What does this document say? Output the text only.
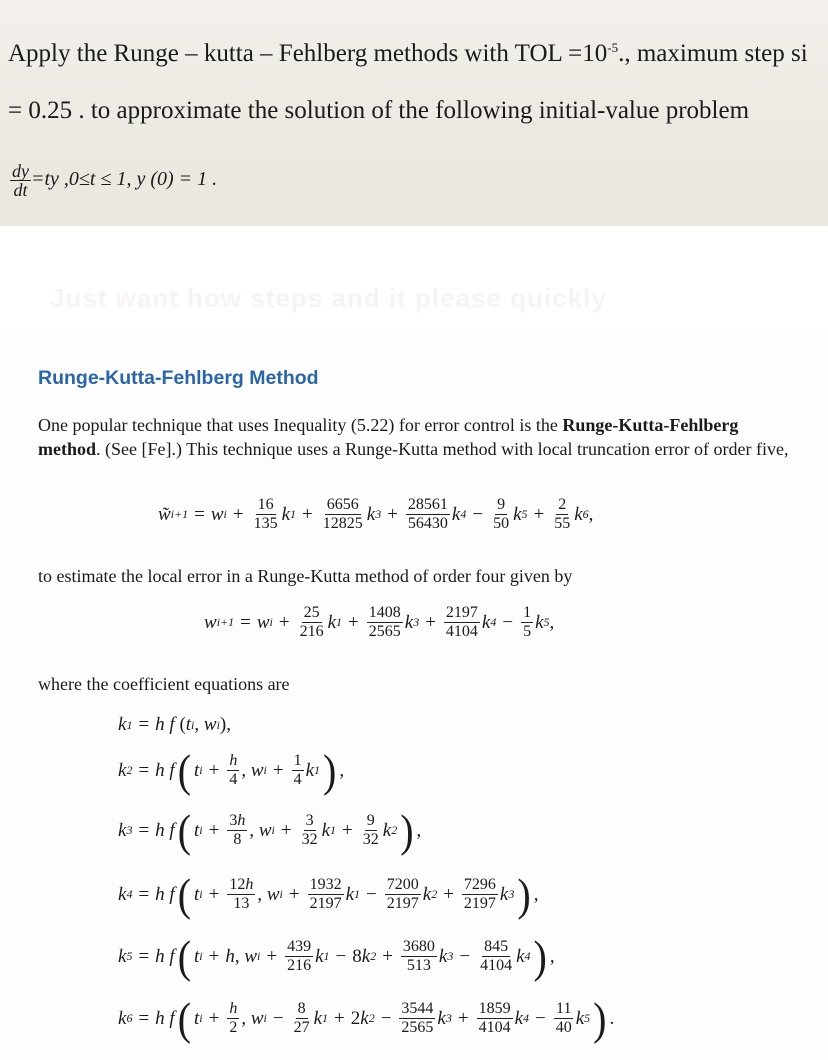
Apply the Runge – kutta – Fehlberg methods with TOL $=10^{-5}$., maximum step si
= 0.25 . to approximate the solution of the following initial-value problem
$\frac{dy}{dt} =ty$ ,0≤t ≤ 1, y (0) = 1 .
Just want how steps and it please quickly
Runge-Kutta-Fehlberg Method
One popular technique that uses Inequality (5.22) for error control is the Runge-Kutta-Fehlberg method. (See [Fe].) This technique uses a Runge-Kutta method with local truncation error of order five,
w̃ i+1 = w $i + \frac{16}{135}$ k $1 + \frac{6656}{12825}$ k $3 + \frac{28561}{56430}$ k $4 - \frac{9}{50}$ k $5 + \frac{2}{55}$ k 6 ,
to estimate the local error in a Runge-Kutta method of order four given by
w i+1 = w $i + \frac{25}{216}$ k $1 + \frac{1408}{2565}$ k $3 + \frac{2197}{4104}$ k $4 - \frac{1}{5}$ k 5 ,
where the coefficient equations are
k 1 = h f ( t i , w i ),
k 2 = h f ( t $i + \frac{h}{4}$ , w $i + \frac{1}{4}$ k 1 ) ,
k 3 = h f ( t $i + \frac{3h}{8}$ , w $i + \frac{3}{32}$ k $1 + \frac{9}{32}$ k 2 ) ,
k 4 = h f ( t $i + \frac{12h}{13}$ , w $i + \frac{1932}{2197}$ k $1 - \frac{7200}{2197}$ k $2 + \frac{7296}{2197}$ k 3 ) ,
k 5 = h f ( t i + h , w $i + \frac{439}{216}$ k 1 − 8 k $2 + \frac{3680}{513}$ k $3 - \frac{845}{4104}$ k 4 ) ,
k 6 = h f ( t $i + \frac{h}{2}$ , w $i - \frac{8}{27}$ k 1 + 2 k $2 - \frac{3544}{2565}$ k $3 + \frac{1859}{4104}$ k $4 - \frac{11}{40}$ k 5 ) .
